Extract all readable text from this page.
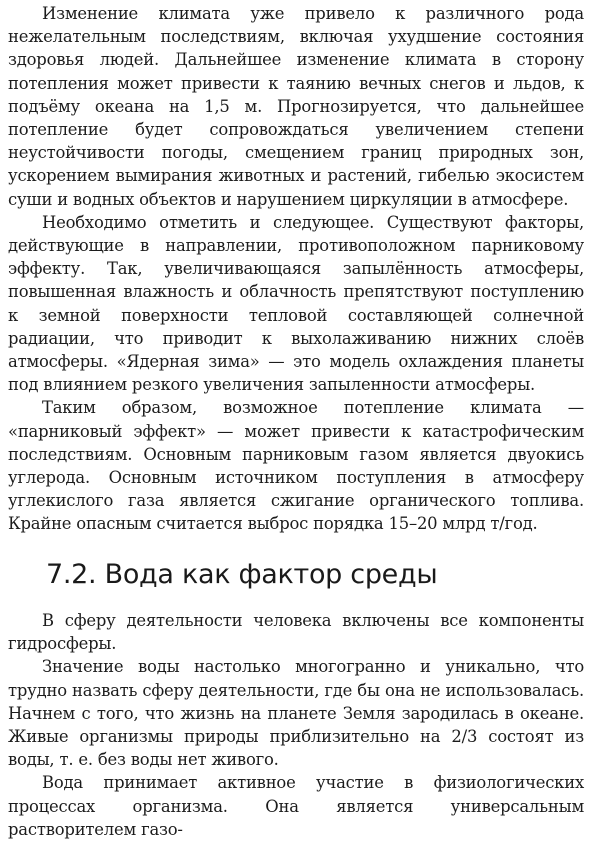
Изменение климата уже привело к различного рода нежелательным последствиям, включая ухудшение состояния здоровья людей. Дальнейшее изменение климата в сторону потепления может привести к таянию вечных снегов и льдов, к подъёму океана на 1,5 м. Прогнозируется, что дальнейшее потепление будет сопровождаться увеличением степени неустойчивости погоды, смещением границ природных зон, ускорением вымирания животных и растений, гибелью экосистем суши и водных объектов и нарушением циркуляции в атмосфере.

Необходимо отметить и следующее. Существуют факторы, действующие в направлении, противоположном парниковому эффекту. Так, увеличивающаяся запылённость атмосферы, повышенная влажность и облачность препятствуют поступлению к земной поверхности тепловой составляющей солнечной радиации, что приводит к выхолаживанию нижних слоёв атмосферы. «Ядерная зима» — это модель охлаждения планеты под влиянием резкого увеличения запыленности атмосферы.

Таким образом, возможное потепление климата — «парниковый эффект» — может привести к катастрофическим последствиям. Основным парниковым газом является двуокись углерода. Основным источником поступления в атмосферу углекислого газа является сжигание органического топлива. Крайне опасным считается выброс порядка 15–20 млрд т/год.

7.2. Вода как фактор среды

В сферу деятельности человека включены все компоненты гидросферы.

Значение воды настолько многогранно и уникально, что трудно назвать сферу деятельности, где бы она не использовалась. Начнем с того, что жизнь на планете Земля зародилась в океане. Живые организмы природы приблизительно на 2/3 состоят из воды, т. е. без воды нет живого.

Вода принимает активное участие в физиологических процессах организма. Она является универсальным растворителем газо-
